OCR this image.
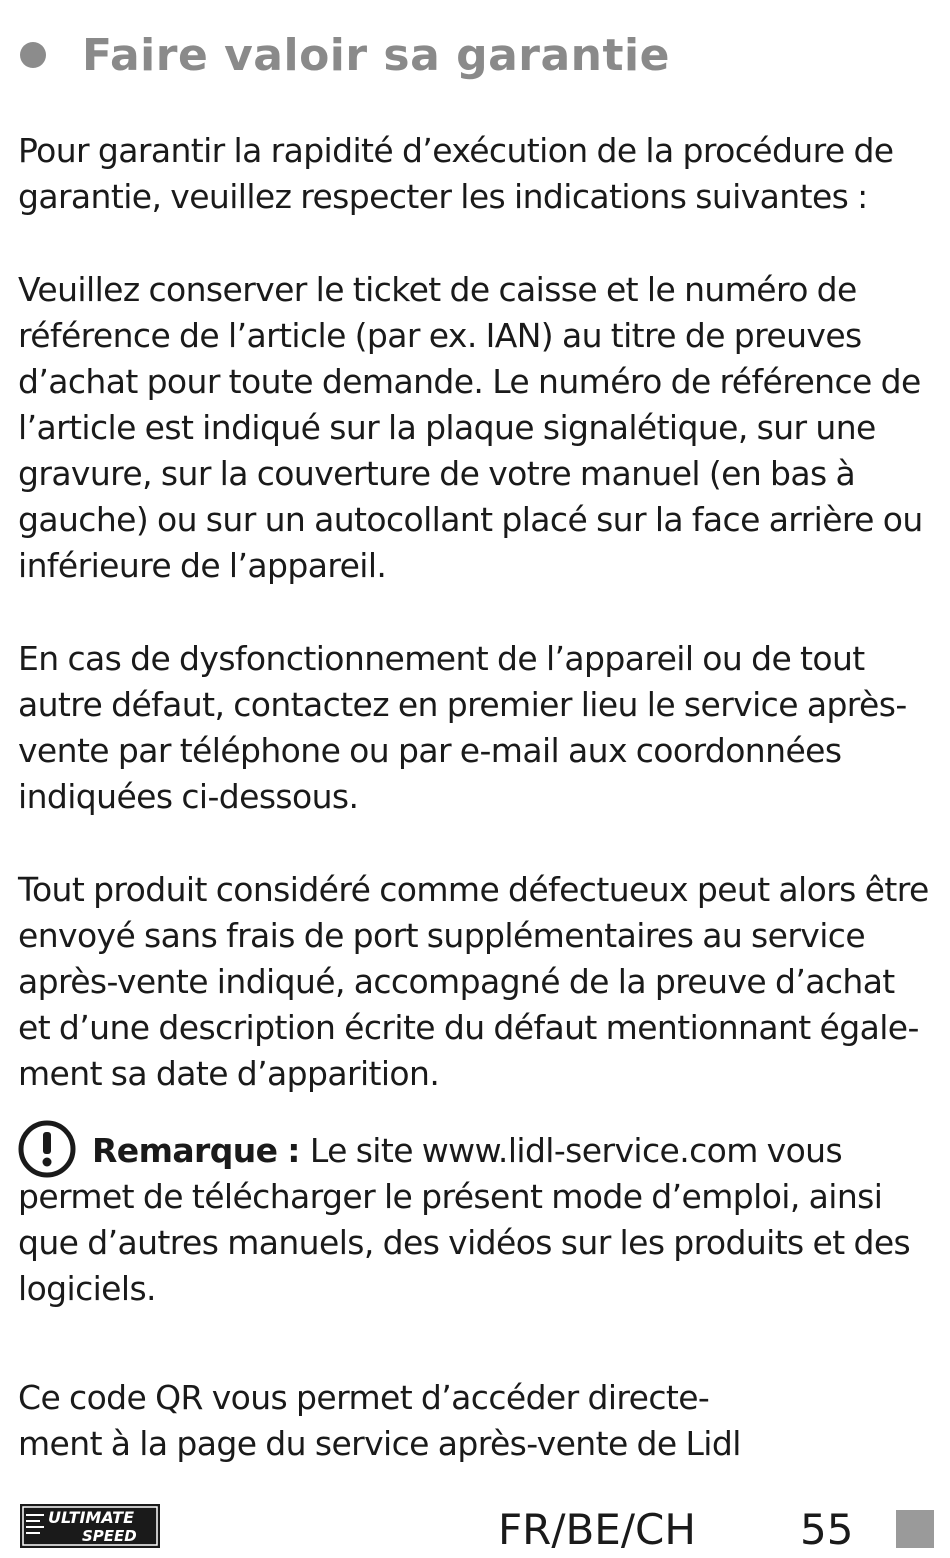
Faire valoir sa garantie

Pour garantir la rapidité d’exécution de la procédure de
garantie, veuillez respecter les indications suivantes :

Veuillez conserver le ticket de caisse et le numéro de
référence de l’article (par ex. IAN) au titre de preuves
d’achat pour toute demande. Le numéro de référence de
l’article est indiqué sur la plaque signalétique, sur une
gravure, sur la couverture de votre manuel (en bas à
gauche) ou sur un autocollant placé sur la face arrière ou
inférieure de l’appareil.

En cas de dysfonctionnement de l’appareil ou de tout
autre défaut, contactez en premier lieu le service après-
vente par téléphone ou par e-mail aux coordonnées
indiquées ci-dessous.

Tout produit considéré comme défectueux peut alors être
envoyé sans frais de port supplémentaires au service
après-vente indiqué, accompagné de la preuve d’achat
et d’une description écrite du défaut mentionnant égale-
ment sa date d’apparition.

Remarque : Le site www.lidl-service.com vous
permet de télécharger le présent mode d’emploi, ainsi
que d’autres manuels, des vidéos sur les produits et des
logiciels.

Ce code QR vous permet d’accéder directe-
ment à la page du service après-vente de Lidl

ULTIMATE
SPEED	FR/BE/CH 55
